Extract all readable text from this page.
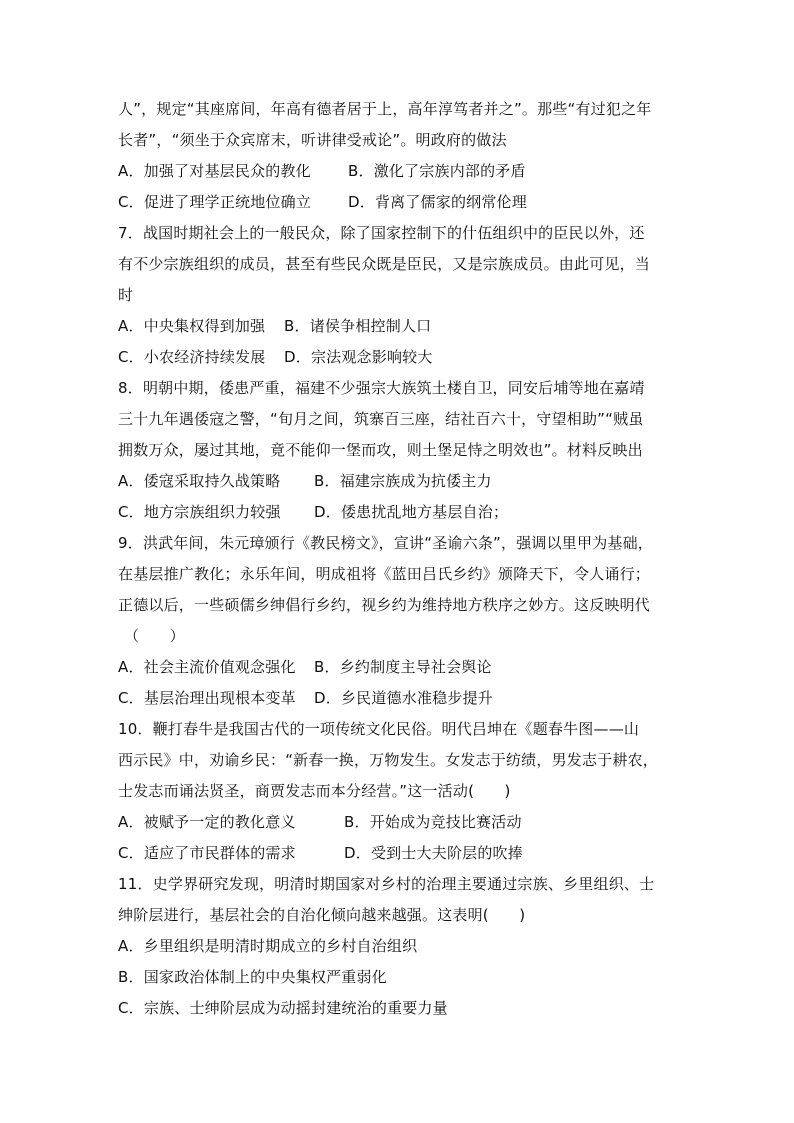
人”，规定“其座席间，年高有德者居于上，高年淳笃者并之”。那些“有过犯之年
长者”，“须坐于众宾席末，听讲律受戒论”。明政府的做法
A．加强了对基层民众的教化	B．激化了宗族内部的矛盾
C．促进了理学正统地位确立	D．背离了儒家的纲常伦理
7．战国时期社会上的一般民众，除了国家控制下的什伍组织中的臣民以外，还
有不少宗族组织的成员，甚至有些民众既是臣民，又是宗族成员。由此可见，当
时
A．中央集权得到加强	B．诸侯争相控制人口
C．小农经济持续发展	D．宗法观念影响较大
8．明朝中期，倭患严重，福建不少强宗大族筑土楼自卫，同安后埔等地在嘉靖
三十九年遇倭寇之警，“旬月之间，筑寨百三座，结社百六十，守望相助”“贼虽
拥数万众，屡过其地，竟不能仰一堡而攻，则土堡足恃之明效也”。材料反映出
A．倭寇采取持久战策略	B．福建宗族成为抗倭主力
C．地方宗族组织力较强	D．倭患扰乱地方基层自治；
9．洪武年间，朱元璋颁行《教民榜文》，宣讲“圣谕六条”，强调以里甲为基础，
在基层推广教化；永乐年间，明成祖将《蓝田吕氏乡约》颁降天下，令人诵行；
正德以后，一些硕儒乡绅倡行乡约，视乡约为维持地方秩序之妙方。这反映明代
（　　）
A．社会主流价值观念强化	B．乡约制度主导社会舆论
C．基层治理出现根本变革	D．乡民道德水准稳步提升
10．鞭打春牛是我国古代的一项传统文化民俗。明代吕坤在《题春牛图——山
西示民》中，劝谕乡民：“新春一换，万物发生。女发志于纺绩，男发志于耕农，
士发志而诵法贤圣，商贾发志而本分经营。”这一活动(　　)
A．被赋予一定的教化意义	B．开始成为竞技比赛活动
C．适应了市民群体的需求	D．受到士大夫阶层的吹捧
11．史学界研究发现，明清时期国家对乡村的治理主要通过宗族、乡里组织、士
绅阶层进行，基层社会的自治化倾向越来越强。这表明(　　)
A．乡里组织是明清时期成立的乡村自治组织
B．国家政治体制上的中央集权严重弱化
C．宗族、士绅阶层成为动摇封建统治的重要力量
